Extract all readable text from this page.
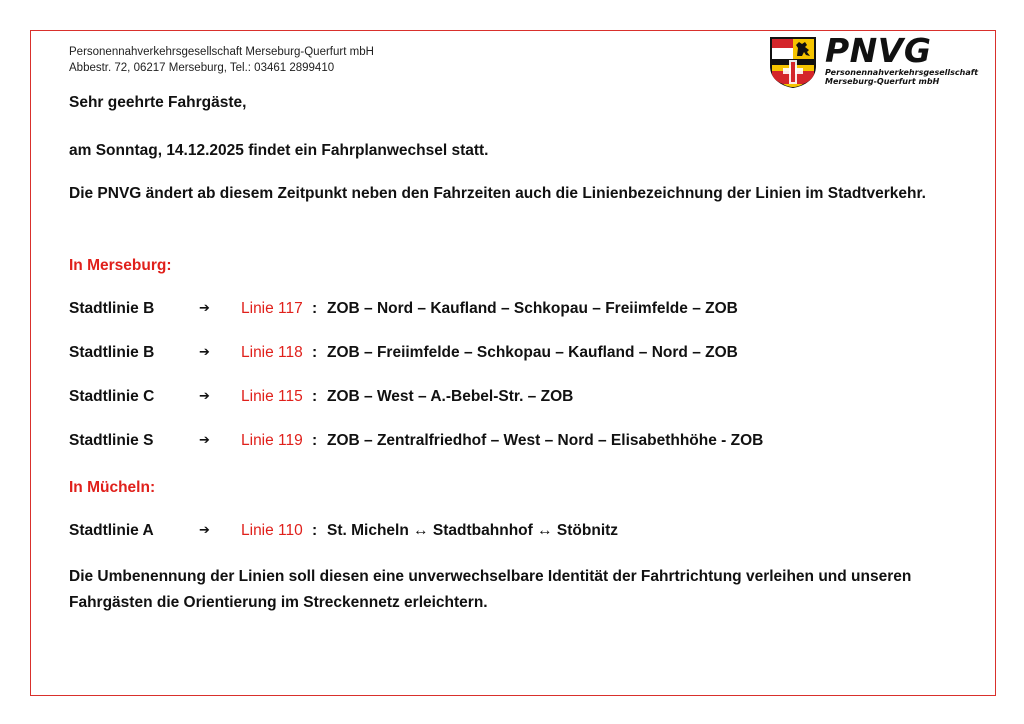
Personennahverkehrsgesellschaft Merseburg-Querfurt mbH
Abbestr. 72, 06217 Merseburg, Tel.: 03461 2899410	PNVG
Personennahverkehrsgesellschaft
Merseburg-Querfurt mbH
Sehr geehrte Fahrgäste,
am Sonntag, 14.12.2025 findet ein Fahrplanwechsel statt.
Die PNVG ändert ab diesem Zeitpunkt neben den Fahrzeiten auch die Linienbezeichnung der Linien im Stadtverkehr.
In Merseburg:
Stadtlinie B	➔ Linie 117 : ZOB – Nord – Kaufland – Schkopau – Freiimfelde – ZOB
Stadtlinie B	➔ Linie 118 : ZOB – Freiimfelde – Schkopau – Kaufland – Nord – ZOB
Stadtlinie C	➔ Linie 115 : ZOB – West – A.-Bebel-Str. – ZOB
Stadtlinie S	➔ Linie 119 : ZOB – Zentralfriedhof – West – Nord – Elisabethhöhe - ZOB
In Mücheln:
Stadtlinie A	➔ Linie 110 : St. Micheln ↔ Stadtbahnhof ↔ Stöbnitz
Die Umbenennung der Linien soll diesen eine unverwechselbare Identität der Fahrtrichtung verleihen und unseren Fahrgästen die Orientierung im Streckennetz erleichtern.
